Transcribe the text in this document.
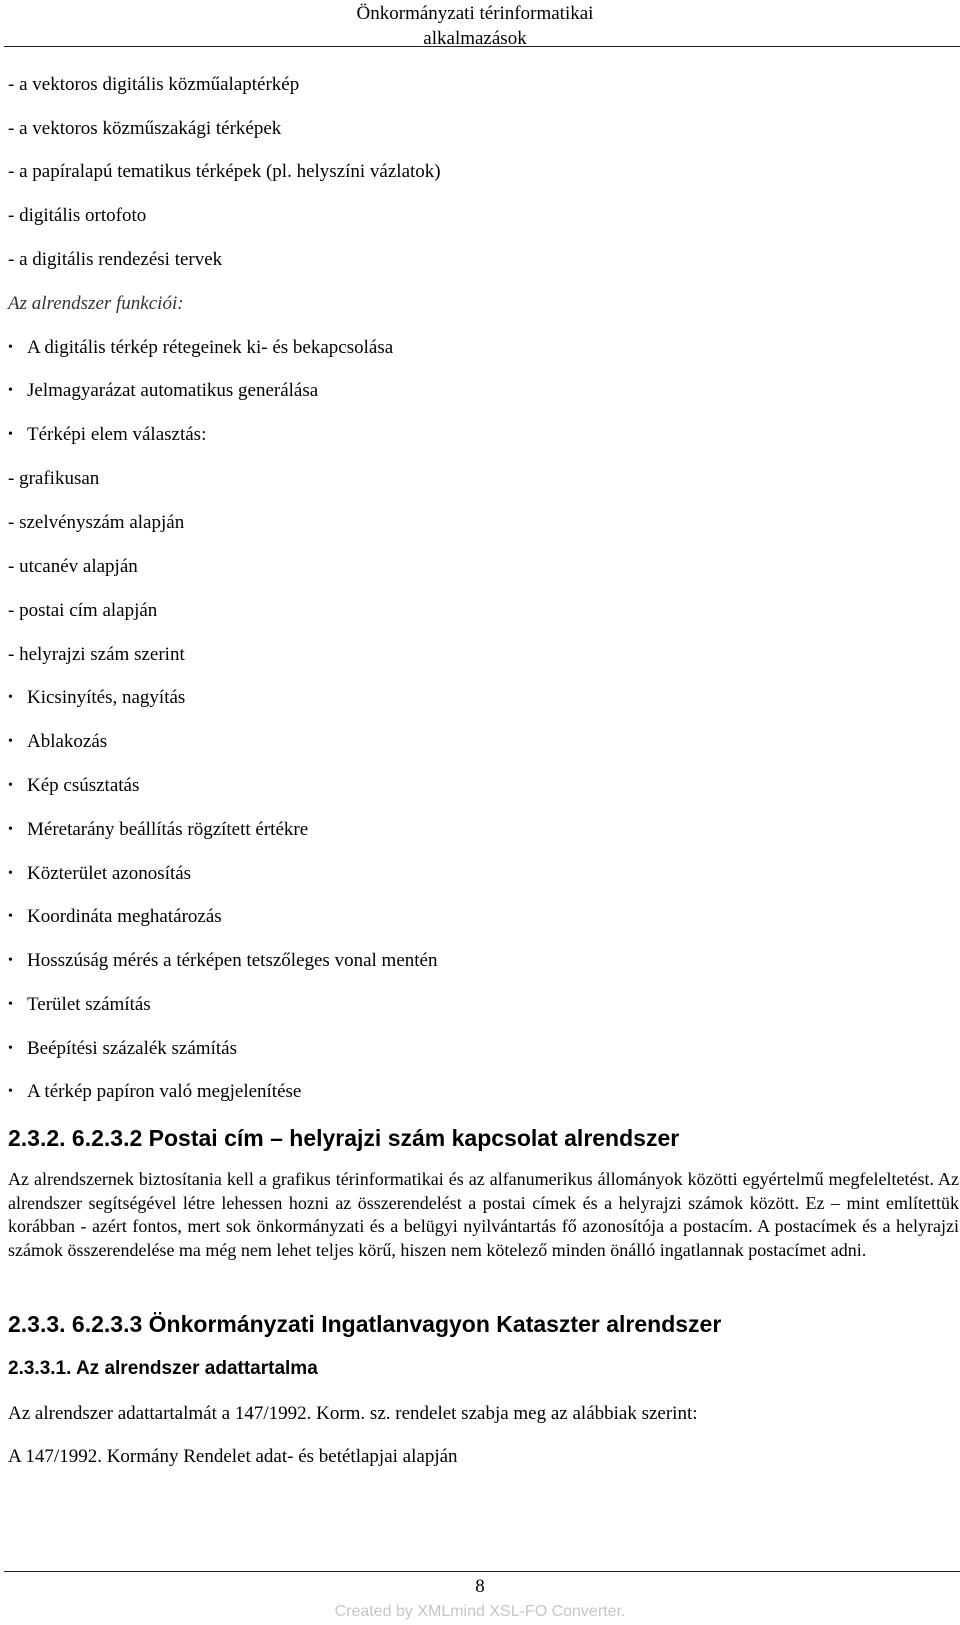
Önkormányzati térinformatikai alkalmazások
- a vektoros digitális közműalaptérkép
- a vektoros közműszakági térképek
- a papíralapú tematikus térképek (pl. helyszíni vázlatok)
- digitális ortofoto
- a digitális rendezési tervek
Az alrendszer funkciói:
• A digitális térkép rétegeinek ki- és bekapcsolása
• Jelmagyarázat automatikus generálása
• Térképi elem választás:
- grafikusan
- szelvényszám alapján
- utcanév alapján
- postai cím alapján
- helyrajzi szám szerint
• Kicsinyítés, nagyítás
• Ablakozás
• Kép csúsztatás
• Méretarány beállítás rögzített értékre
• Közterület azonosítás
• Koordináta meghatározás
• Hosszúság mérés a térképen tetszőleges vonal mentén
• Terület számítás
• Beépítési százalék számítás
• A térkép papíron való megjelenítése
2.3.2. 6.2.3.2 Postai cím – helyrajzi szám kapcsolat alrendszer
Az alrendszernek biztosítania kell a grafikus térinformatikai és az alfanumerikus állományok közötti egyértelmű megfeleltetést. Az alrendszer segítségével létre lehessen hozni az összerendelést a postai címek és a helyrajzi számok között. Ez – mint említettük korábban - azért fontos, mert sok önkormányzati és a belügyi nyilvántartás fő azonosítója a postacím. A postacímek és a helyrajzi számok összerendelése ma még nem lehet teljes körű, hiszen nem kötelező minden önálló ingatlannak postacímet adni.
2.3.3. 6.2.3.3 Önkormányzati Ingatlanvagyon Kataszter alrendszer
2.3.3.1. Az alrendszer adattartalma
Az alrendszer adattartalmát a 147/1992. Korm. sz. rendelet szabja meg az alábbiak szerint:
A 147/1992. Kormány Rendelet adat- és betétlapjai alapján
8
Created by XMLmind XSL-FO Converter.
